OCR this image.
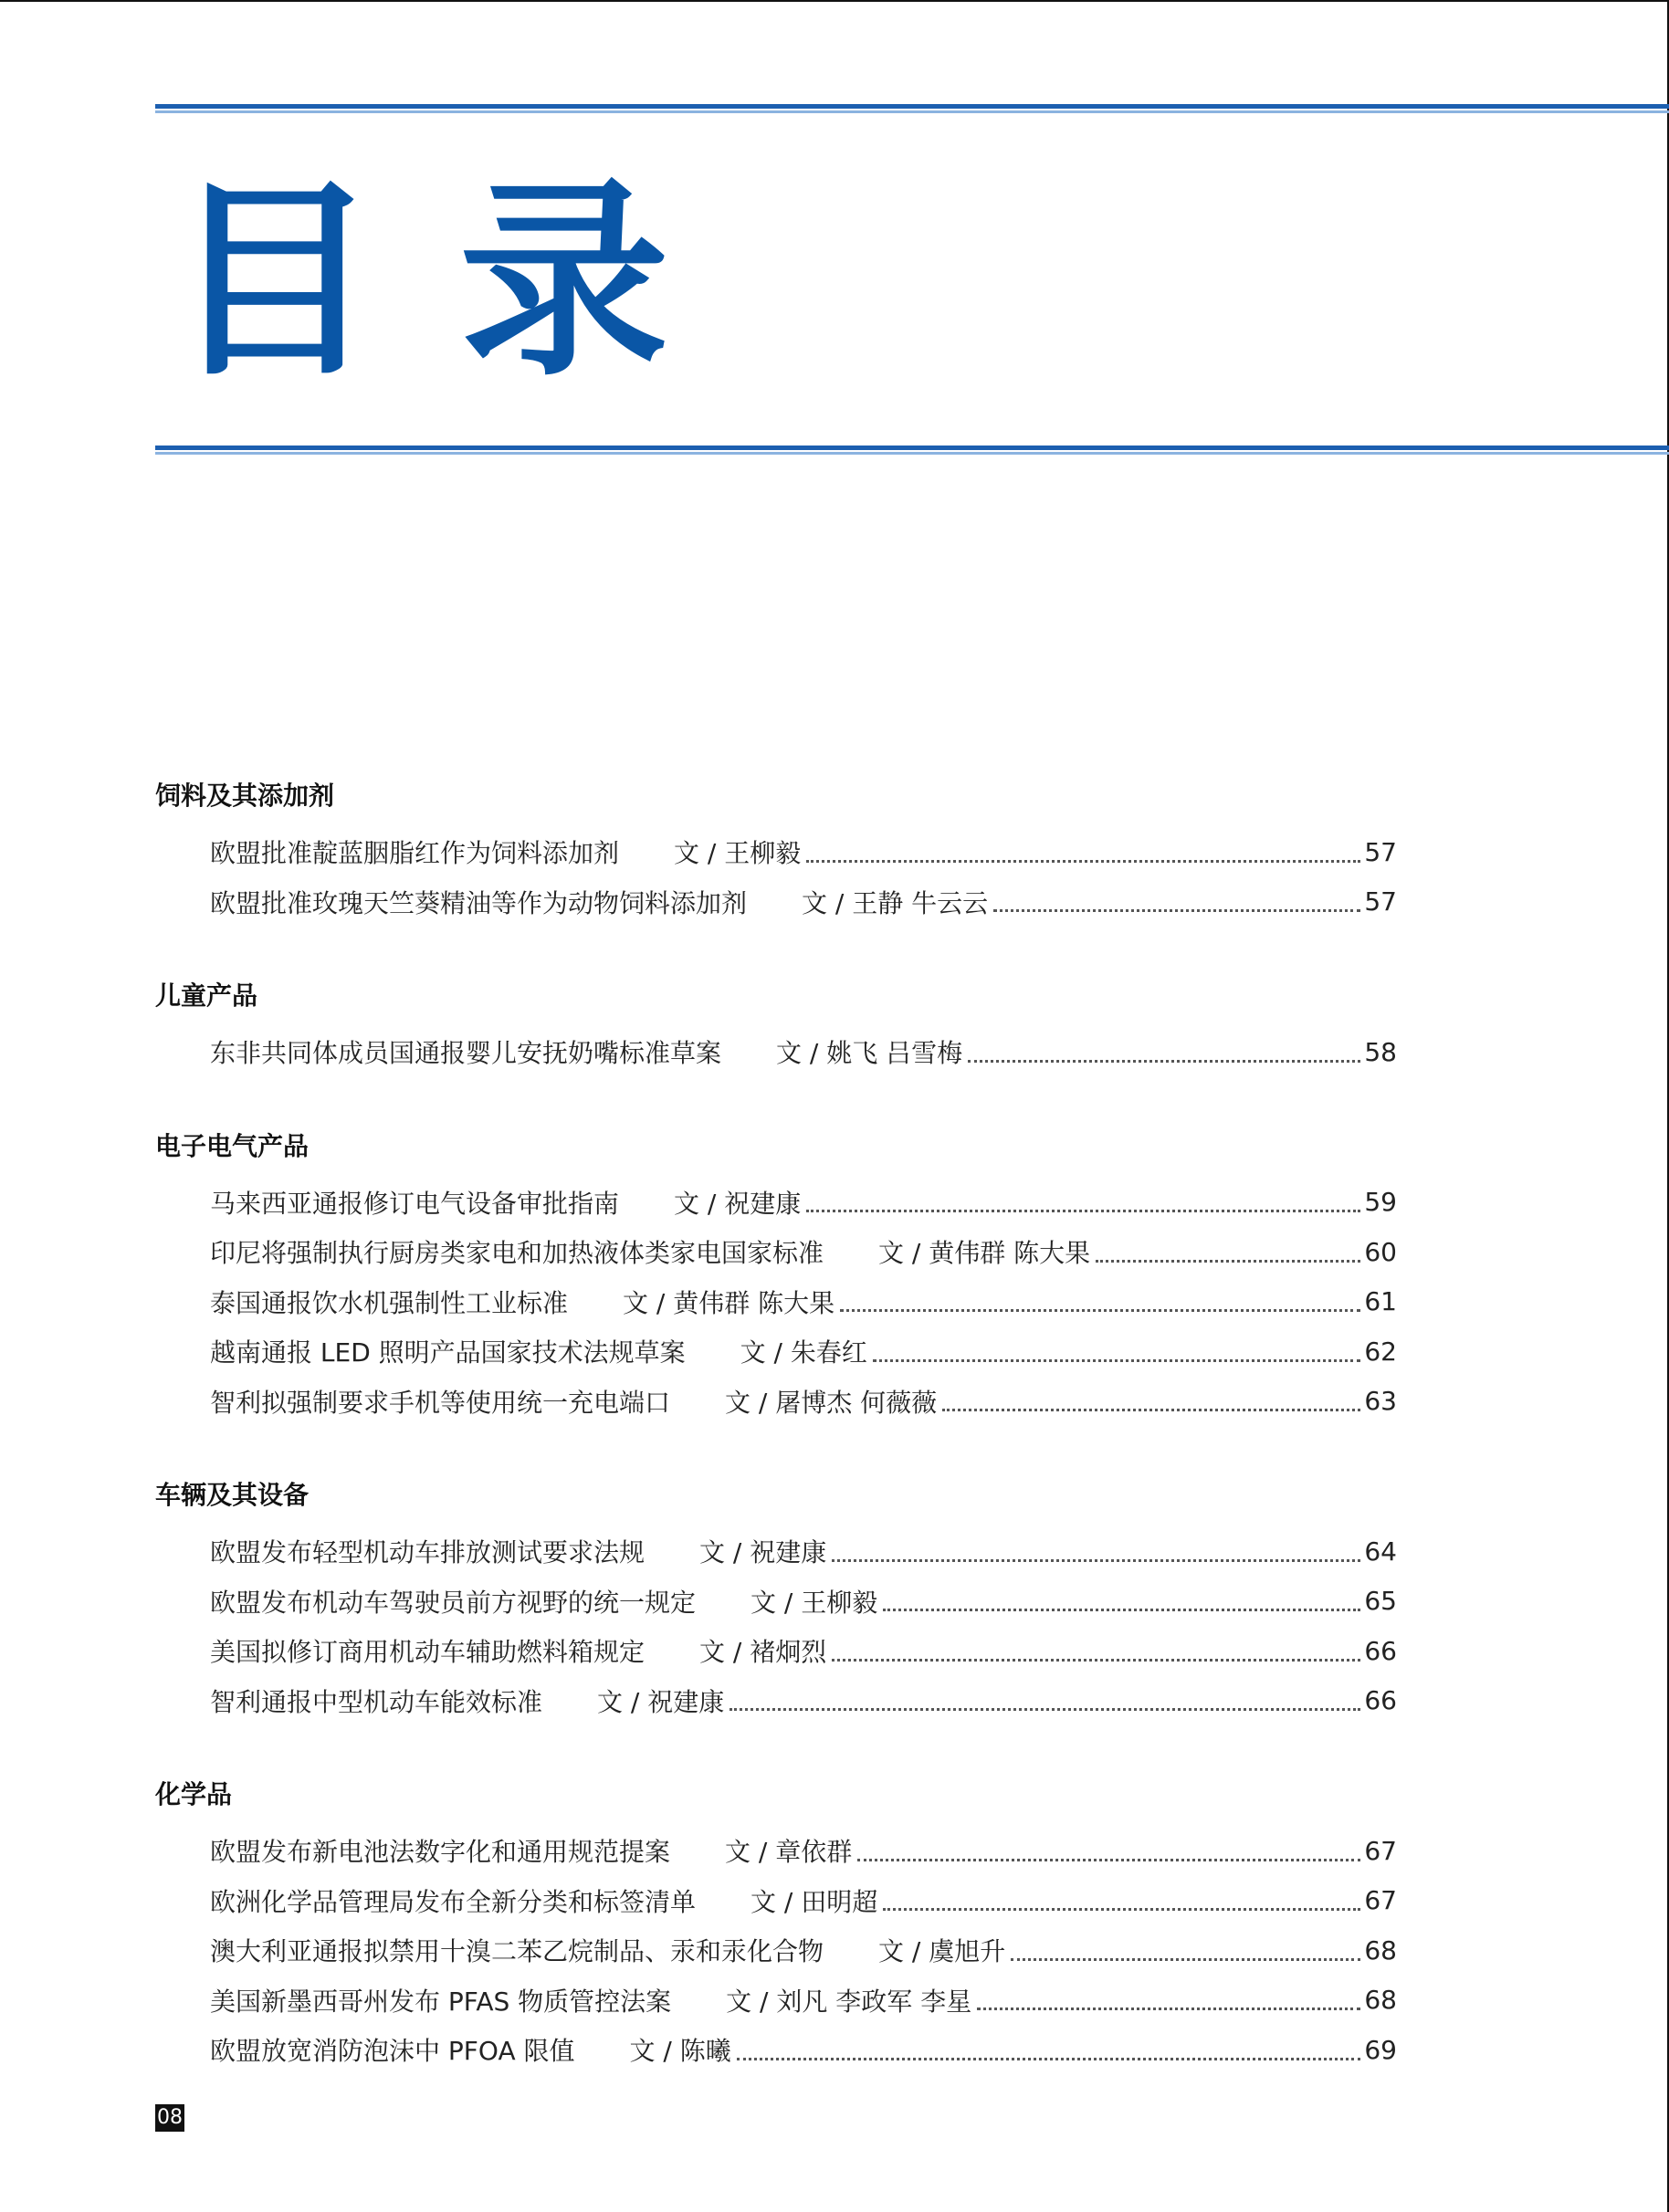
目录
饲料及其添加剂
欧盟批准靛蓝胭脂红作为饲料添加剂 文 / 王柳毅	57
欧盟批准玫瑰天竺葵精油等作为动物饲料添加剂 文 / 王静 牛云云	57
儿童产品
东非共同体成员国通报婴儿安抚奶嘴标准草案 文 / 姚飞 吕雪梅	58
电子电气产品
马来西亚通报修订电气设备审批指南 文 / 祝建康	59
印尼将强制执行厨房类家电和加热液体类家电国家标准 文 / 黄伟群 陈大果	60
泰国通报饮水机强制性工业标准 文 / 黄伟群 陈大果	61
越南通报 LED 照明产品国家技术法规草案 文 / 朱春红	62
智利拟强制要求手机等使用统一充电端口 文 / 屠博杰 何薇薇	63
车辆及其设备
欧盟发布轻型机动车排放测试要求法规 文 / 祝建康	64
欧盟发布机动车驾驶员前方视野的统一规定 文 / 王柳毅	65
美国拟修订商用机动车辅助燃料箱规定 文 / 褚炯烈	66
智利通报中型机动车能效标准 文 / 祝建康	66
化学品
欧盟发布新电池法数字化和通用规范提案 文 / 章依群	67
欧洲化学品管理局发布全新分类和标签清单 文 / 田明超	67
澳大利亚通报拟禁用十溴二苯乙烷制品、汞和汞化合物 文 / 虞旭升	68
美国新墨西哥州发布 PFAS 物质管控法案 文 / 刘凡 李政军 李星	68
欧盟放宽消防泡沫中 PFOA 限值 文 / 陈曦	69
08
